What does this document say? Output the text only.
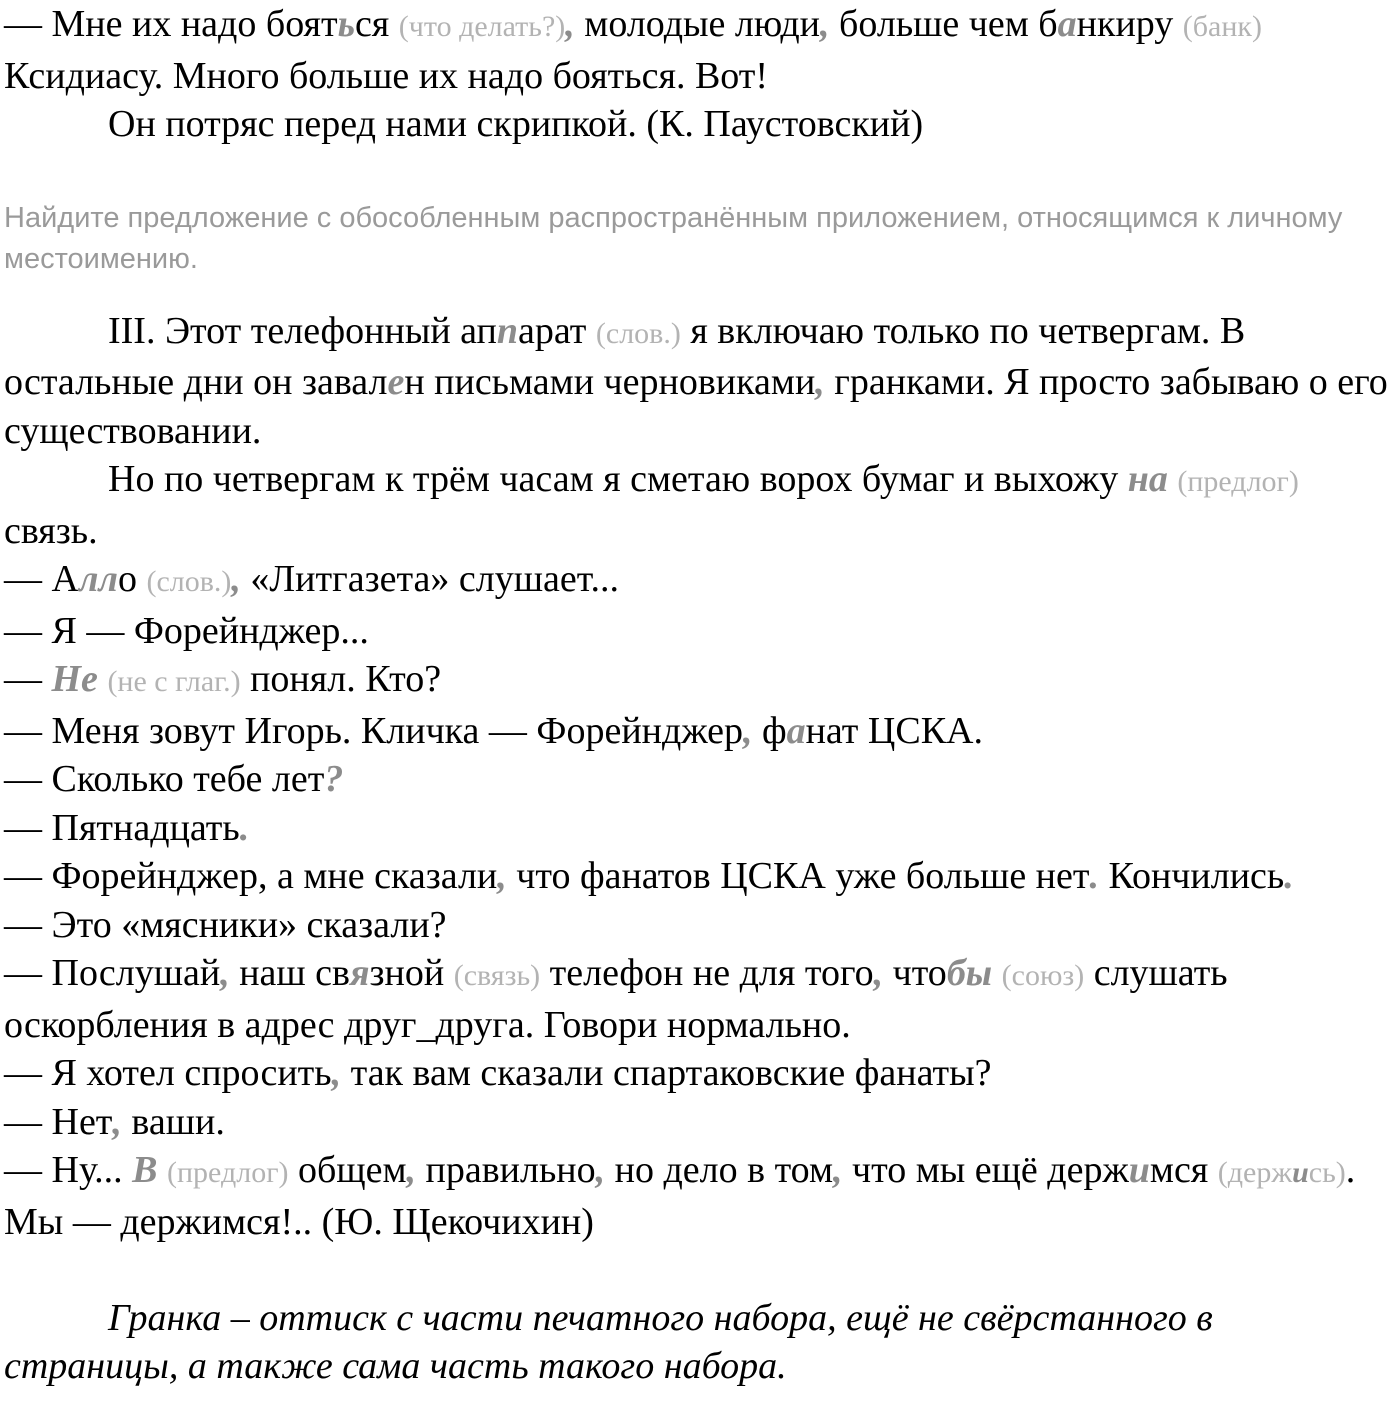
— Мне их надо бояться (что делать?), молодые люди, больше чем банкиру (банк) Ксидиасу. Много больше их надо бояться. Вот!

Он потряс перед нами скрипкой. (К. Паустовский)

Найдите предложение с обособленным распространённым приложением, относящимся к личному местоимению.

III. Этот телефонный аппарат (слов.) я включаю только по четвергам. В остальные дни он завален письмами черновиками, гранками. Я просто забываю о его существовании.

Но по четвергам к трём часам я сметаю ворох бумаг и выхожу на (предлог) связь.

— Алло (слов.), «Литгазета» слушает...

— Я — Форейнджер...

— Не (не с глаг.) понял. Кто?

— Меня зовут Игорь. Кличка — Форейнджер, фанат ЦСКА.

— Сколько тебе лет?

— Пятнадцать.

— Форейнджер, а мне сказали, что фанатов ЦСКА уже больше нет. Кончились.

— Это «мясники» сказали?

— Послушай, наш связной (связь) телефон не для того, чтобы (союз) слушать оскорбления в адрес друг_друга. Говори нормально.

— Я хотел спросить, так вам сказали спартаковские фанаты?

— Нет, ваши.

— Ну... В (предлог) общем, правильно, но дело в том, что мы ещё держимся (держись). Мы — держимся!.. (Ю. Щекочихин)

Гранка – оттиск с части печатного набора, ещё не свёрстанного в страницы, а также сама часть такого набора.
